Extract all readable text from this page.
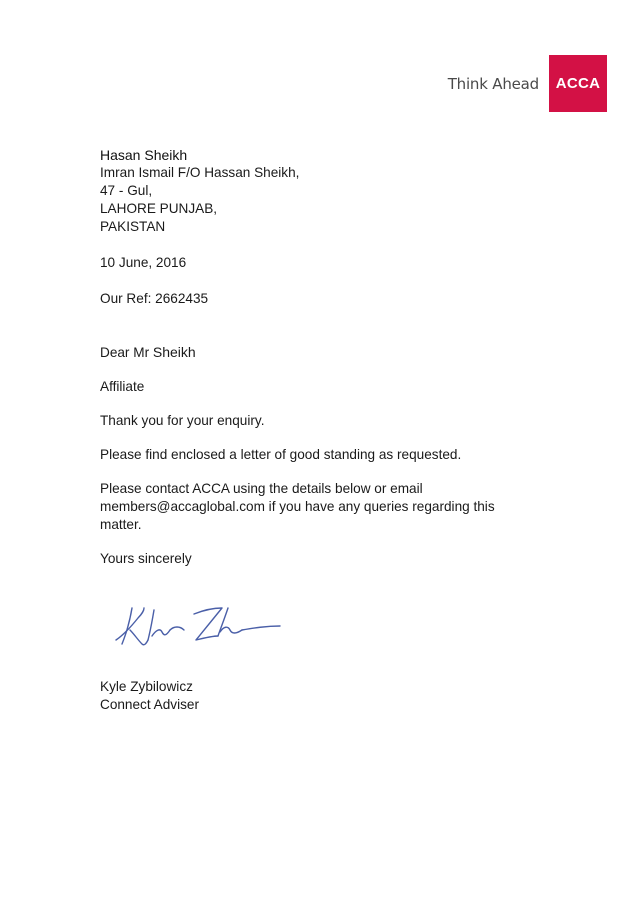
Think Ahead ACCA
Hasan Sheikh
Imran Ismail F/O Hassan Sheikh,
47 - Gul,
LAHORE PUNJAB,
PAKISTAN
10 June, 2016
Our Ref: 2662435
Dear Mr Sheikh
Affiliate
Thank you for your enquiry.
Please find enclosed a letter of good standing as requested.
Please contact ACCA using the details below or email
members@accaglobal.com if you have any queries regarding this
matter.
Yours sincerely
Kyle Zybilowicz
Connect Adviser
